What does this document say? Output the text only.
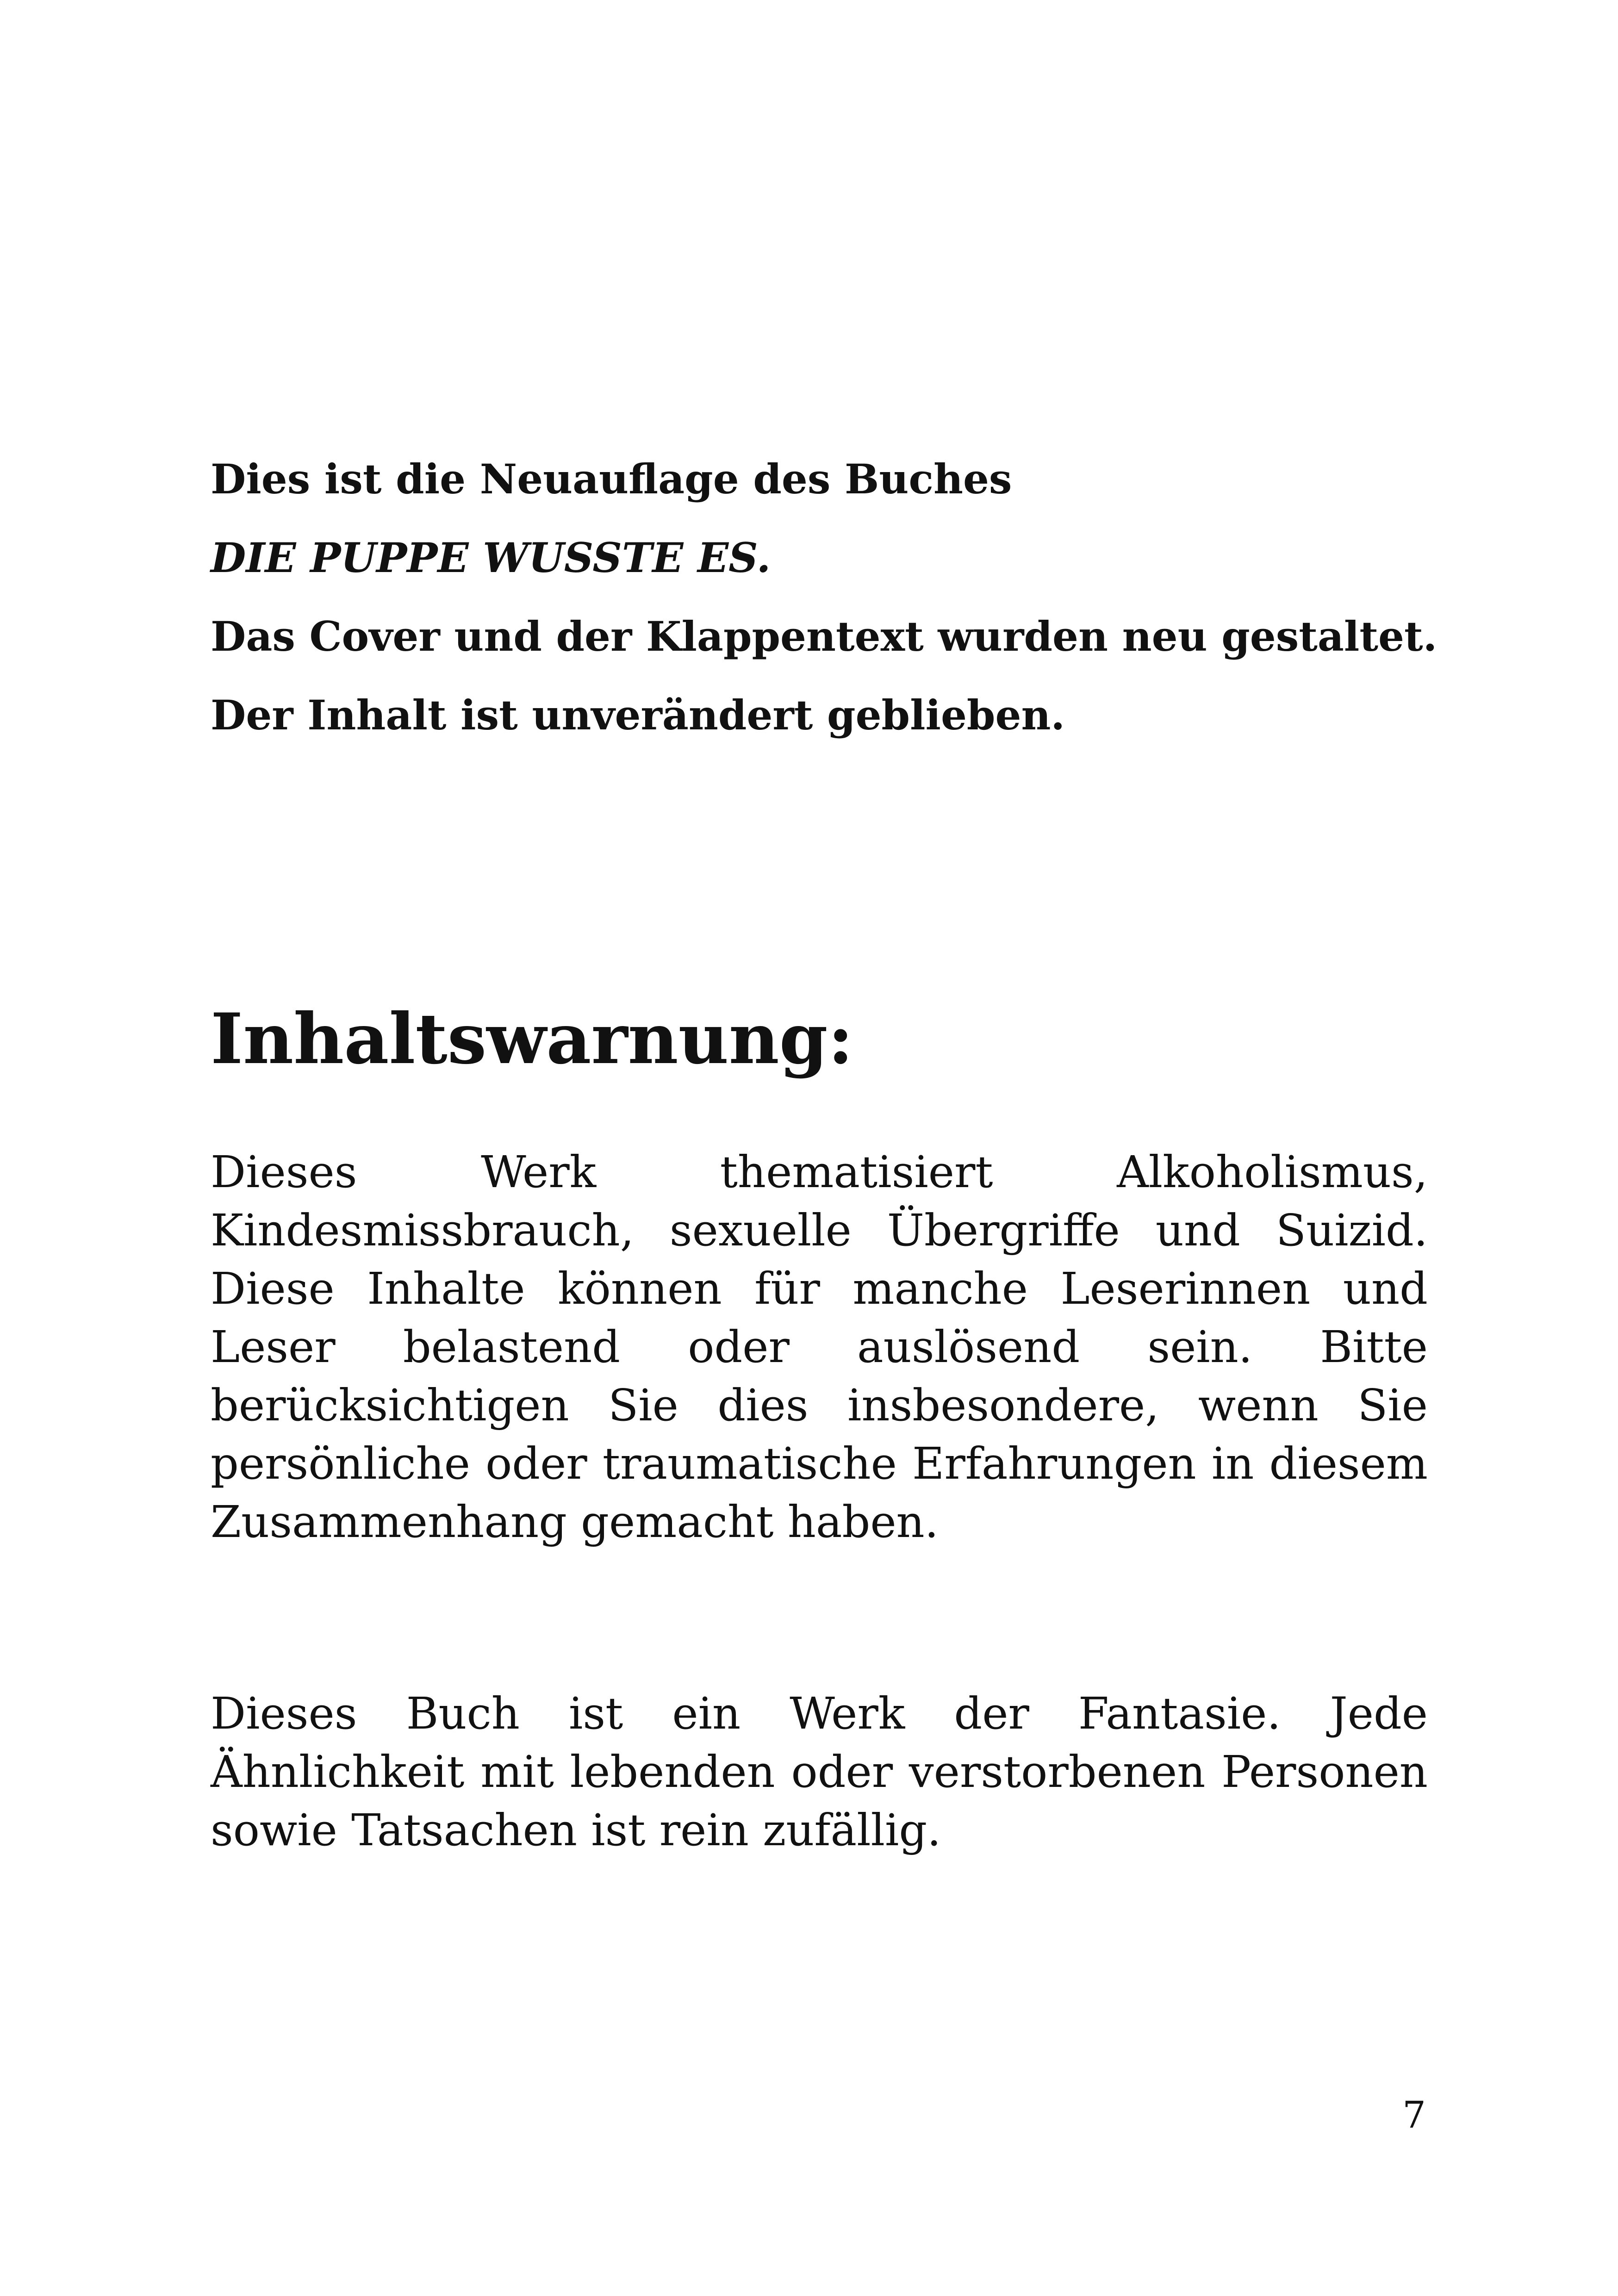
Dies ist die Neuauflage des Buches
DIE PUPPE WUSSTE ES.
Das Cover und der Klappentext wurden neu gestaltet.
Der Inhalt ist unverändert geblieben.
Inhaltswarnung:

Dieses Werk thematisiert Alkoholismus, Kindesmissbrauch, sexuelle Übergriffe und Suizid. Diese Inhalte können für manche Leserinnen und Leser belastend oder auslösend sein. Bitte berücksichtigen Sie dies insbesondere, wenn Sie persönliche oder traumatische Erfahrungen in diesem Zusammenhang gemacht haben.

Dieses Buch ist ein Werk der Fantasie. Jede Ähnlichkeit mit lebenden oder verstorbenen Personen sowie Tatsachen ist rein zufällig.

7
